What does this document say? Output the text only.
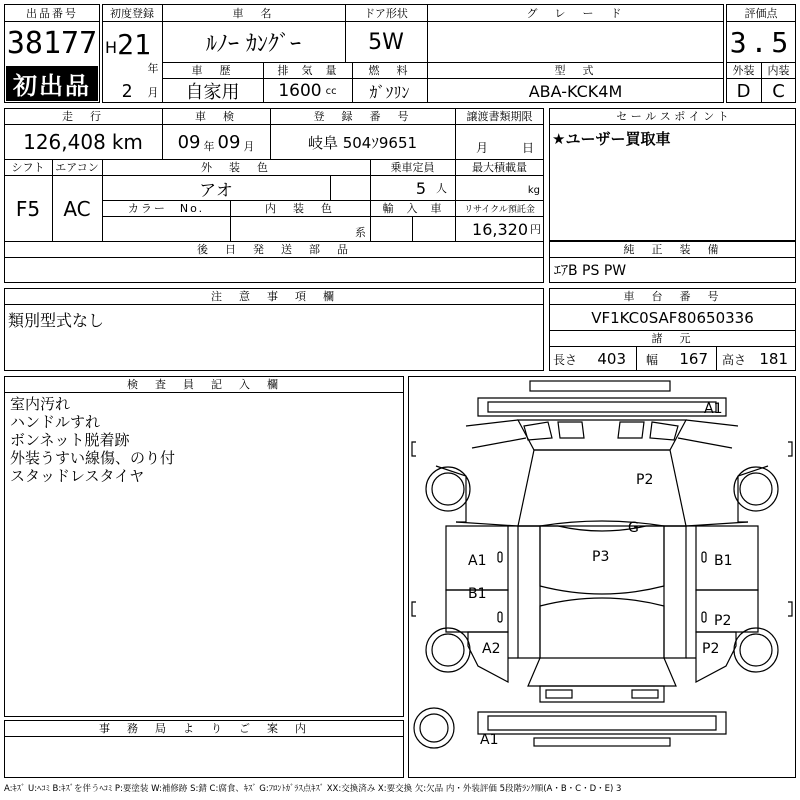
出品番号
38177
初出品
初度登録
H 21
年
2	月
車　名
ﾙﾉｰ ｶﾝｸﾞｰ
ドア形状
5W
グ　レ　ー　ド
車　歴
自家用
排　気　量
1600 cc
燃　料
ｶﾞｿﾘﾝ
型　式
ABA-KCK4M
評価点
3.5
外装	内装
D	C
走　行
126,408 km
車　検
09 年 09 月
登　録　番　号
岐阜 504ｿ9651
譲渡書類期限
月	日
シフト
F5
エアコン
AC
外　装　色
アオ
乗車定員
5 人
最大積載量
kg
カラー　No.	内　装　色
系
輸　入　車	リサイクル預託金
16,320 円
後　日　発　送　部　品
セ ー ル ス ポ イ ン ト
★ユーザー買取車
純　正　装　備
ｴｱB PS PW
注　意　事　項　欄
類別型式なし
車　台　番　号
VF1KC0SAF80650336
諸　元
長さ 403 幅 167 高さ 181
検　査　員　記　入　欄
室内汚れ
ハンドルすれ
ボンネット脱着跡
外装うすい線傷、のり付
スタッドレスタイヤ
事　務　局　よ　り　ご　案　内
A1
P2
G
P3
A1
B1
A2
B1
P2
P2
A1
A:ｷｽﾞ U:ﾍｺﾐ B:ｷｽﾞを伴うﾍｺﾐ P:要塗装 W:補修跡 S:錆 C:腐食、ｷｽﾞ G:ﾌﾛﾝﾄｶﾞﾗｽ点ｷｽﾞ XX:交換済み X:要交換 欠:欠品 内・外装評価 5段階ﾗﾝｸ順(A・B・C・D・E) 3
